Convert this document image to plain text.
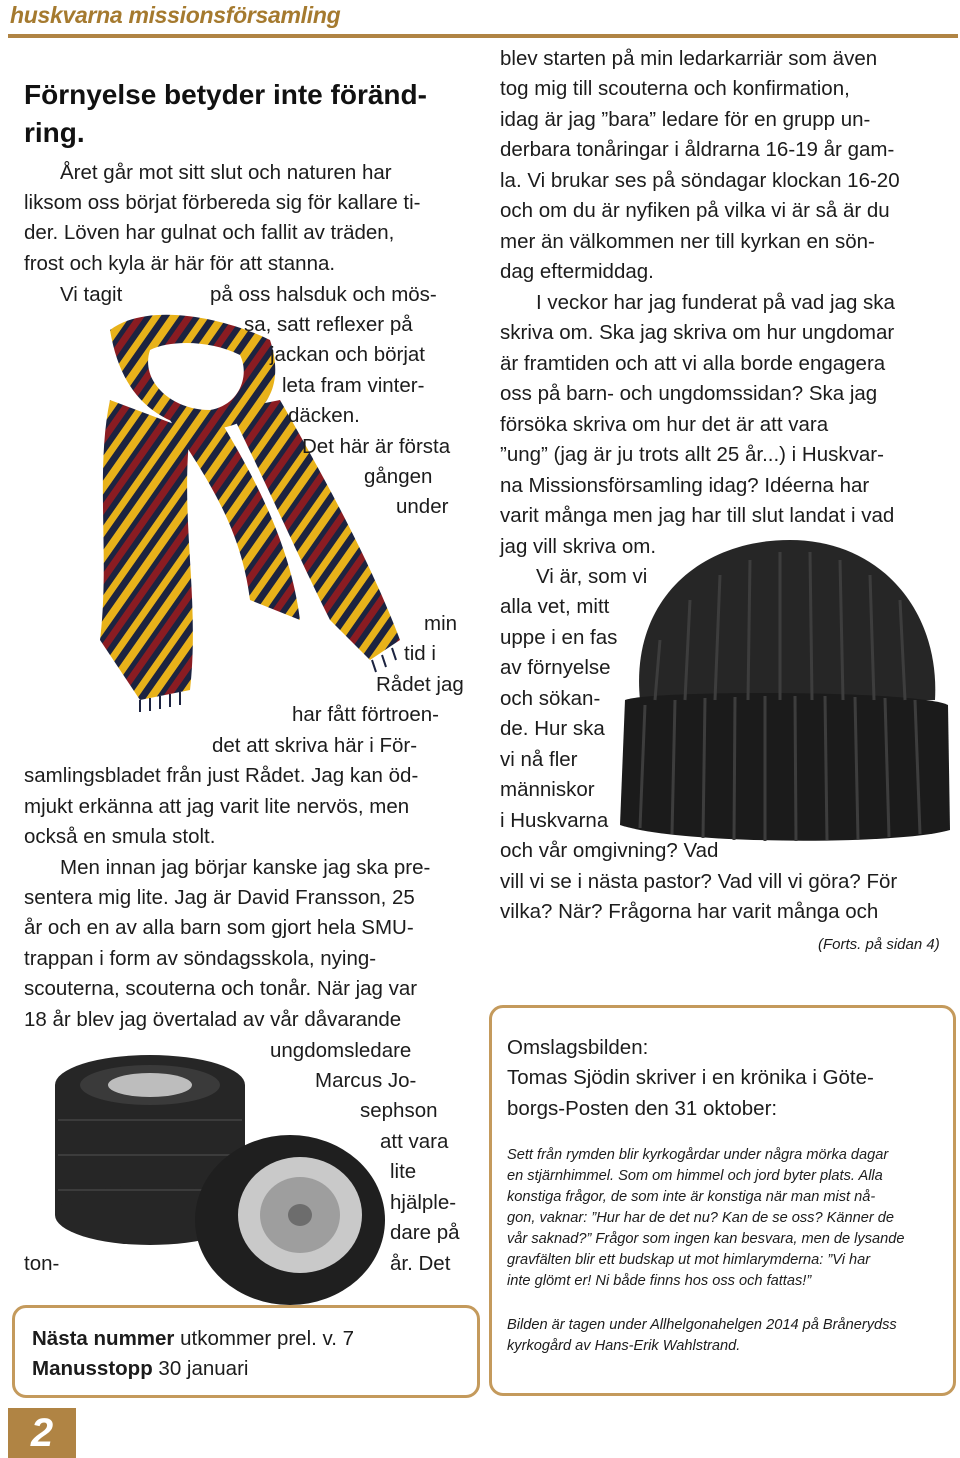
huskvarna missionsförsamling
Förnyelse betyder inte föränd-
ring.
Året går mot sitt slut och naturen har
liksom oss börjat förbereda sig för kallare ti-
der. Löven har gulnat och fallit av träden,
frost och kyla är här för att stanna.
Vi tagit	på oss halsduk och mös-
sa, satt reflexer på
jackan och börjat
leta fram vinter-
däcken.
Det här är första
gången
under
min
tid i
Rådet jag
har fått förtroen-
det att skriva här i För-
samlingsbladet från just Rådet. Jag kan öd-
mjukt erkänna att jag varit lite nervös, men
också en smula stolt.
Men innan jag börjar kanske jag ska pre-
sentera mig lite. Jag är David Fransson, 25
år och en av alla barn som gjort hela SMU-
trappan i form av söndagsskola, nying-
scouterna, scouterna och tonår. När jag var
18 år blev jag övertalad av vår dåvarande
ungdomsledare
Marcus Jo-
sephson
att vara
lite
hjälple-
dare på
ton-	år. Det
Nästa nummer utkommer prel. v. 7
Manusstopp 30 januari
blev starten på min ledarkarriär som även
tog mig till scouterna och konfirmation,
idag är jag ”bara” ledare för en grupp un-
derbara tonåringar i åldrarna 16-19 år gam-
la. Vi brukar ses på söndagar klockan 16-20
och om du är nyfiken på vilka vi är så är du
mer än välkommen ner till kyrkan en sön-
dag eftermiddag.
I veckor har jag funderat på vad jag ska
skriva om. Ska jag skriva om hur ungdomar
är framtiden och att vi alla borde engagera
oss på barn- och ungdomssidan? Ska jag
försöka skriva om hur det är att vara
”ung” (jag är ju trots allt 25 år...) i Huskvar-
na Missionsförsamling idag? Idéerna har
varit många men jag har till slut landat i vad
jag vill skriva om.
Vi är, som vi
alla vet, mitt
uppe i en fas
av förnyelse
och sökan-
de. Hur ska
vi nå fler
människor
i Huskvarna
och vår omgivning? Vad
vill vi se i nästa pastor? Vad vill vi göra? För
vilka? När? Frågorna har varit många och
(Forts. på sidan 4)
Omslagsbilden:
Tomas Sjödin skriver i en krönika i Göte-
borgs-Posten den 31 oktober:
Sett från rymden blir kyrkogårdar under några mörka dagar
en stjärnhimmel. Som om himmel och jord byter plats. Alla
konstiga frågor, de som inte är konstiga när man mist nå-
gon, vaknar: ”Hur har de det nu? Kan de se oss? Känner de
vår saknad?” Frågor som ingen kan besvara, men de lysande
gravfälten blir ett budskap ut mot himlarymderna: ”Vi har
inte glömt er! Ni både finns hos oss och fattas!”
Bilden är tagen under Allhelgonahelgen 2014 på Brånerydss
kyrkogård av Hans-Erik Wahlstrand.
2
